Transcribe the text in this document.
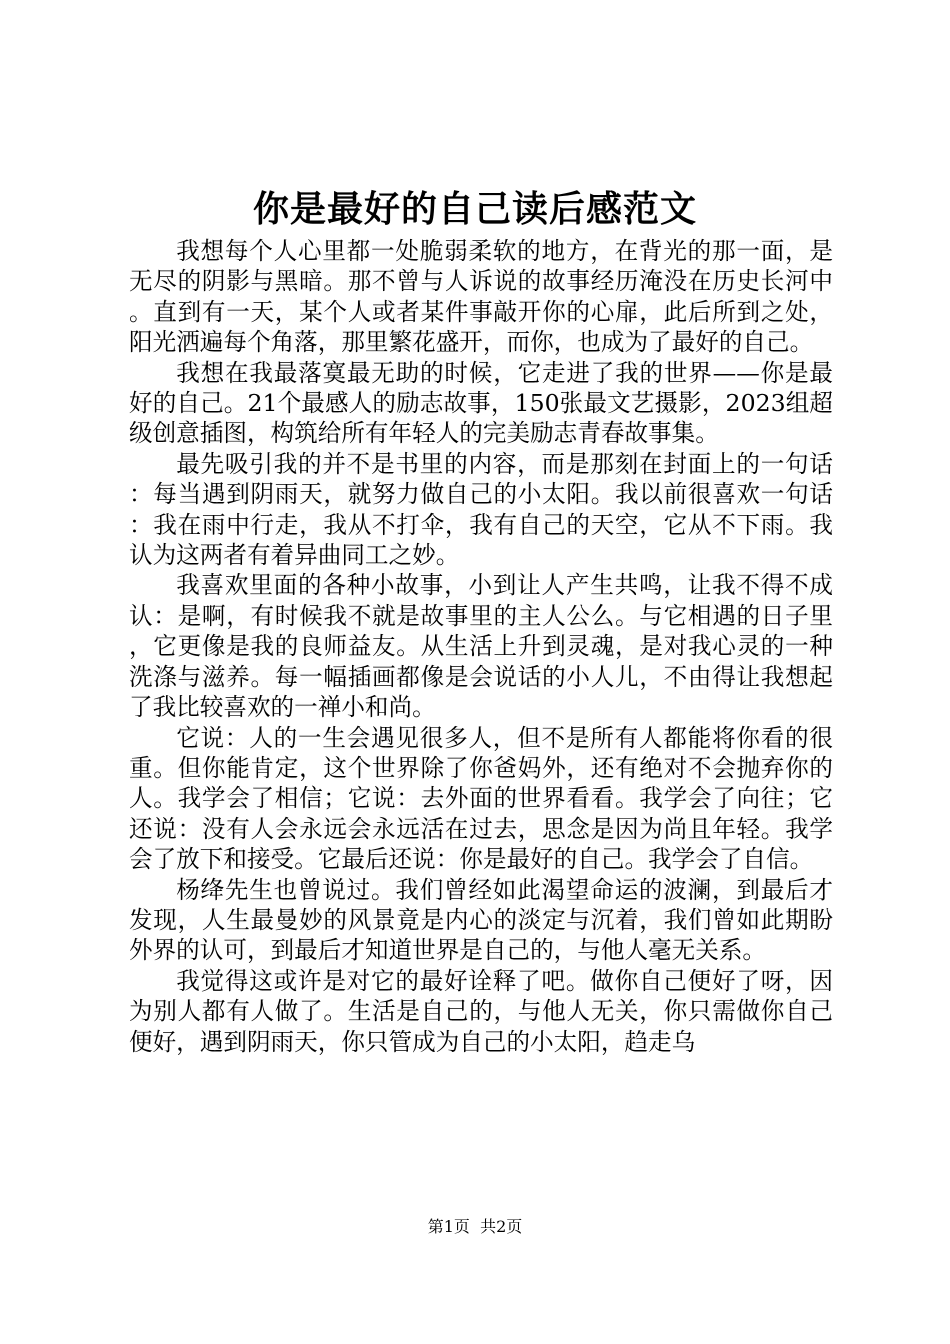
你是最好的自己读后感范文

我想每个人心里都一处脆弱柔软的地方，在背光的那一面，是无尽的阴影与黑暗。那不曾与人诉说的故事经历淹没在历史长河中。直到有一天，某个人或者某件事敲开你的心扉，此后所到之处，阳光洒遍每个角落，那里繁花盛开，而你，也成为了最好的自己。

我想在我最落寞最无助的时候，它走进了我的世界——你是最好的自己。21个最感人的励志故事，150张最文艺摄影，2023组超级创意插图，构筑给所有年轻人的完美励志青春故事集。

最先吸引我的并不是书里的内容，而是那刻在封面上的一句话：每当遇到阴雨天，就努力做自己的小太阳。我以前很喜欢一句话：我在雨中行走，我从不打伞，我有自己的天空，它从不下雨。我认为这两者有着异曲同工之妙。

我喜欢里面的各种小故事，小到让人产生共鸣，让我不得不成认：是啊，有时候我不就是故事里的主人公么。与它相遇的日子里，它更像是我的良师益友。从生活上升到灵魂，是对我心灵的一种洗涤与滋养。每一幅插画都像是会说话的小人儿，不由得让我想起了我比较喜欢的一禅小和尚。

它说：人的一生会遇见很多人，但不是所有人都能将你看的很重。但你能肯定，这个世界除了你爸妈外，还有绝对不会抛弃你的人。我学会了相信；它说：去外面的世界看看。我学会了向往；它还说：没有人会永远会永远活在过去，思念是因为尚且年轻。我学会了放下和接受。它最后还说：你是最好的自己。我学会了自信。

杨绛先生也曾说过。我们曾经如此渴望命运的波澜，到最后才发现，人生最曼妙的风景竟是内心的淡定与沉着，我们曾如此期盼外界的认可，到最后才知道世界是自己的，与他人毫无关系。

我觉得这或许是对它的最好诠释了吧。做你自己便好了呀，因为别人都有人做了。生活是自己的，与他人无关，你只需做你自己便好，遇到阴雨天，你只管成为自己的小太阳，趋走乌

第1页 共2页
